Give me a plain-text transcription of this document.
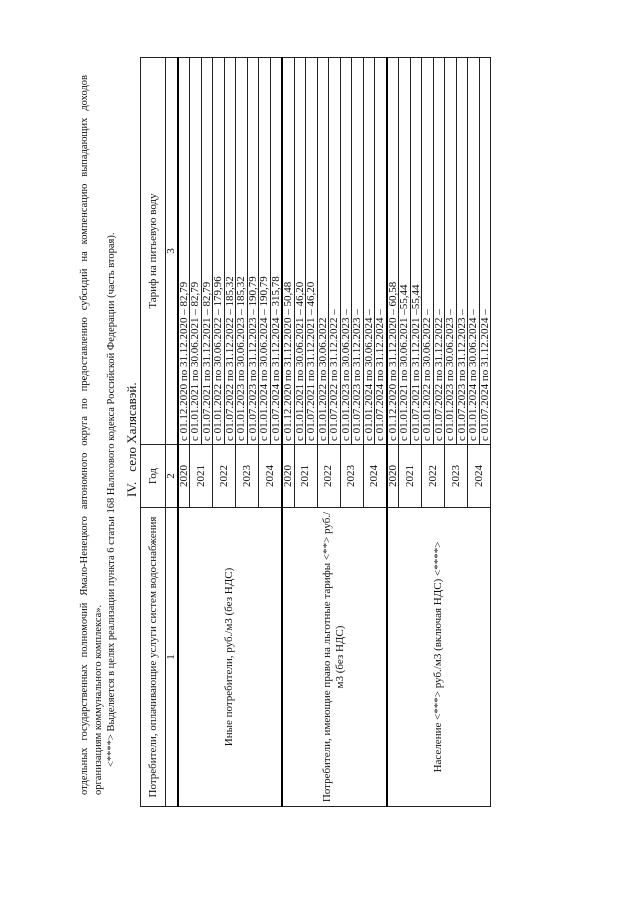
отдельных государственных полномочий Ямало-Ненецкого автономного округа по предоставлению субсидий на компенсацию выпадающих доходов организациям коммунального комплекса». <****> Выделяется в целях реализации пункта 6 статьи 168 Налогового кодекса Российской Федерации (часть вторая). IV.село Халясавэй.
Потребители, оплачивающие услуги систем водоснабжения	Год	Тариф на питьевую воду
1	2	3
Иные потребители, руб./м3 (без НДС)	2020	с 01.12.2020 по 31.12.2020 – 82,79
	2021	с 01.01.2021 по 30.06.2021 – 82,79
		с 01.07.2021 по 31.12.2021 – 82,79
	2022	с 01.01.2022 по 30.06.2022 – 179,96
		с 01.07.2022 по 31.12.2022 – 185,32
	2023	с 01.01.2023 по 30.06.2023 – 185,32
		с 01.07.2023 по 31.12.2023 – 190,79
	2024	с 01.01.2024 по 30.06.2024 – 190,79
		с 01.07.2024 по 31.12.2024 – 315,78
Потребители, имеющие право на льготные тарифы <**> руб./м3 (без НДС)	2020	с 01.12.2020 по 31.12.2020 – 50,48
	2021	с 01.01.2021 по 30.06.2021 – 46,20
		с 01.07.2021 по 31.12.2021 – 46,20
	2022	с 01.01.2022 по 30.06.2022
		с 01.07.2022 по 31.12.2022 –
	2023	с 01.01.2023 по 30.06.2023 –
		с 01.07.2023 по 31.12.2023 –
	2024	с 01.01.2024 по 30.06.2024 –
		с 01.07.2024 по 31.12.2024 –
Население <***> руб./м3 (включая НДС) <****>	2020	с 01.12.2020 по 31.12.2020 – 60,58
	2021	с 01.01.2021 по 30.06.2021 –55,44
		с 01.07.2021 по 31.12.2021 –55,44
	2022	с 01.01.2022 по 30.06.2022 –
		с 01.07.2022 по 31.12.2022 –
	2023	с 01.01.2023 по 30.06.2023 –
		с 01.07.2023 по 31.12.2023 –
	2024	с 01.01.2024 по 30.06.2024 –
		с 01.07.2024 по 31.12.2024 –
